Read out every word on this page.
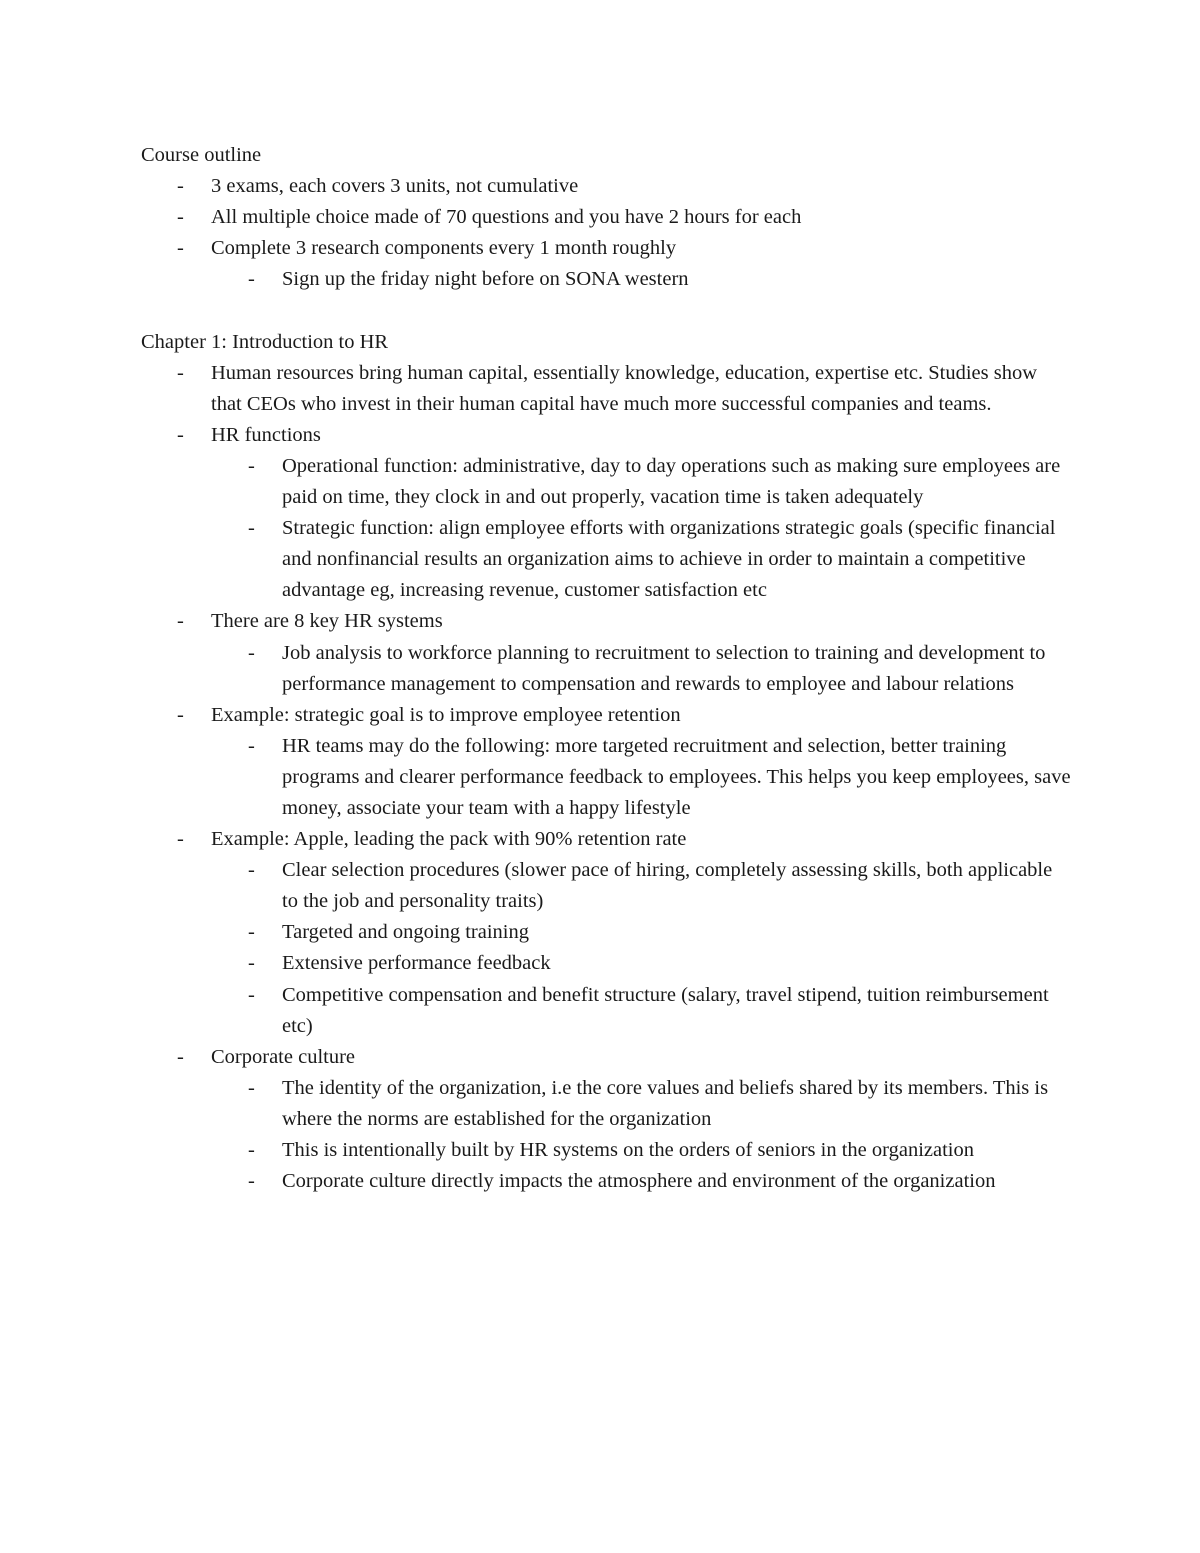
Course outline
- 3 exams, each covers 3 units, not cumulative
- All multiple choice made of 70 questions and you have 2 hours for each
- Complete 3 research components every 1 month roughly
- Sign up the friday night before on SONA western
Chapter 1: Introduction to HR
- Human resources bring human capital, essentially knowledge, education, expertise etc. Studies show that CEOs who invest in their human capital have much more successful companies and teams.
- HR functions
- Operational function: administrative, day to day operations such as making sure employees are paid on time, they clock in and out properly, vacation time is taken adequately
- Strategic function: align employee efforts with organizations strategic goals (specific financial and nonfinancial results an organization aims to achieve in order to maintain a competitive advantage eg, increasing revenue, customer satisfaction etc
- There are 8 key HR systems
- Job analysis to workforce planning to recruitment to selection to training and development to performance management to compensation and rewards to employee and labour relations
- Example: strategic goal is to improve employee retention
- HR teams may do the following: more targeted recruitment and selection, better training programs and clearer performance feedback to employees. This helps you keep employees, save money, associate your team with a happy lifestyle
- Example: Apple, leading the pack with 90% retention rate
- Clear selection procedures (slower pace of hiring, completely assessing skills, both applicable to the job and personality traits)
- Targeted and ongoing training
- Extensive performance feedback
- Competitive compensation and benefit structure (salary, travel stipend, tuition reimbursement etc)
- Corporate culture
- The identity of the organization, i.e the core values and beliefs shared by its members. This is where the norms are established for the organization
- This is intentionally built by HR systems on the orders of seniors in the organization
- Corporate culture directly impacts the atmosphere and environment of the organization
